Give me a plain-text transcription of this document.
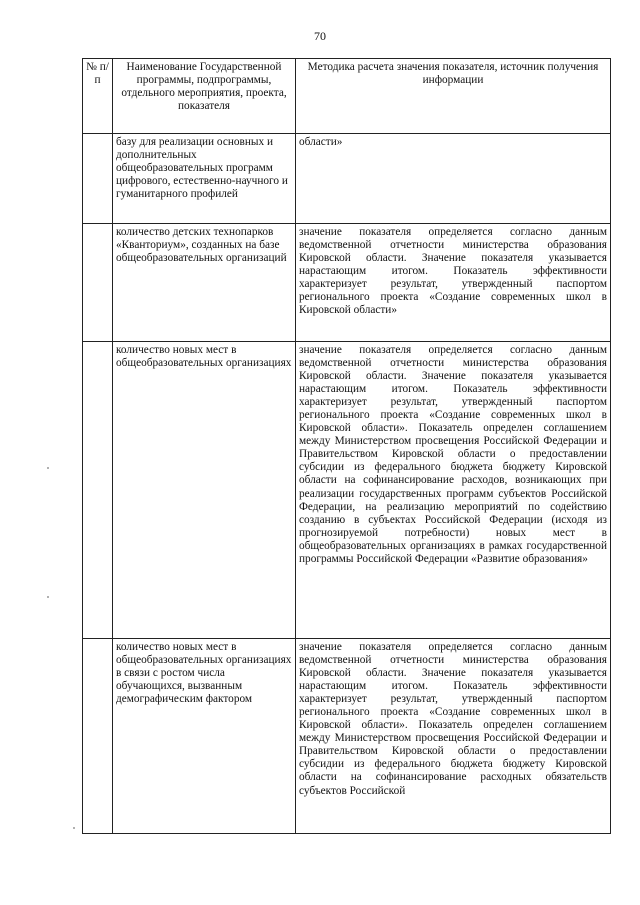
70
№ п/п	Наименование Государственной программы, подпрограммы, отдельного мероприятия, проекта, показателя	Методика расчета значения показателя, источник получения информации
	базу для реализации основных и дополнительных общеобразовательных программ цифрового, естественно-научного и гуманитарного профилей	области»
	количество детских технопарков «Кванториум», созданных на базе общеобразовательных организаций	значение показателя определяется согласно данным ведомственной отчетности министерства образования Кировской области. Значение показателя указывается нарастающим итогом. Показатель эффективности характеризует результат, утвержденный паспортом регионального проекта «Создание современных школ в Кировской области»
	количество новых мест в общеобразовательных организациях	значение показателя определяется согласно данным ведомственной отчетности министерства образования Кировской области. Значение показателя указывается нарастающим итогом. Показатель эффективности характеризует результат, утвержденный паспортом регионального проекта «Создание современных школ в Кировской области». Показатель определен соглашением между Министерством просвещения Российской Федерации и Правительством Кировской области о предоставлении субсидии из федерального бюджета бюджету Кировской области на софинансирование расходов, возникающих при реализации государственных программ субъектов Российской Федерации, на реализацию мероприятий по содействию созданию в субъектах Российской Федерации (исходя из прогнозируемой потребности) новых мест в общеобразовательных организациях в рамках государственной программы Российской Федерации «Развитие образования»
	количество новых мест в общеобразовательных организациях в связи с ростом числа обучающихся, вызванным демографическим фактором	значение показателя определяется согласно данным ведомственной отчетности министерства образования Кировской области. Значение показателя указывается нарастающим итогом. Показатель эффективности характеризует результат, утвержденный паспортом регионального проекта «Создание современных школ в Кировской области». Показатель определен соглашением между Министерством просвещения Российской Федерации и Правительством Кировской области о предоставлении субсидии из федерального бюджета бюджету Кировской области на софинансирование расходных обязательств субъектов Российской
